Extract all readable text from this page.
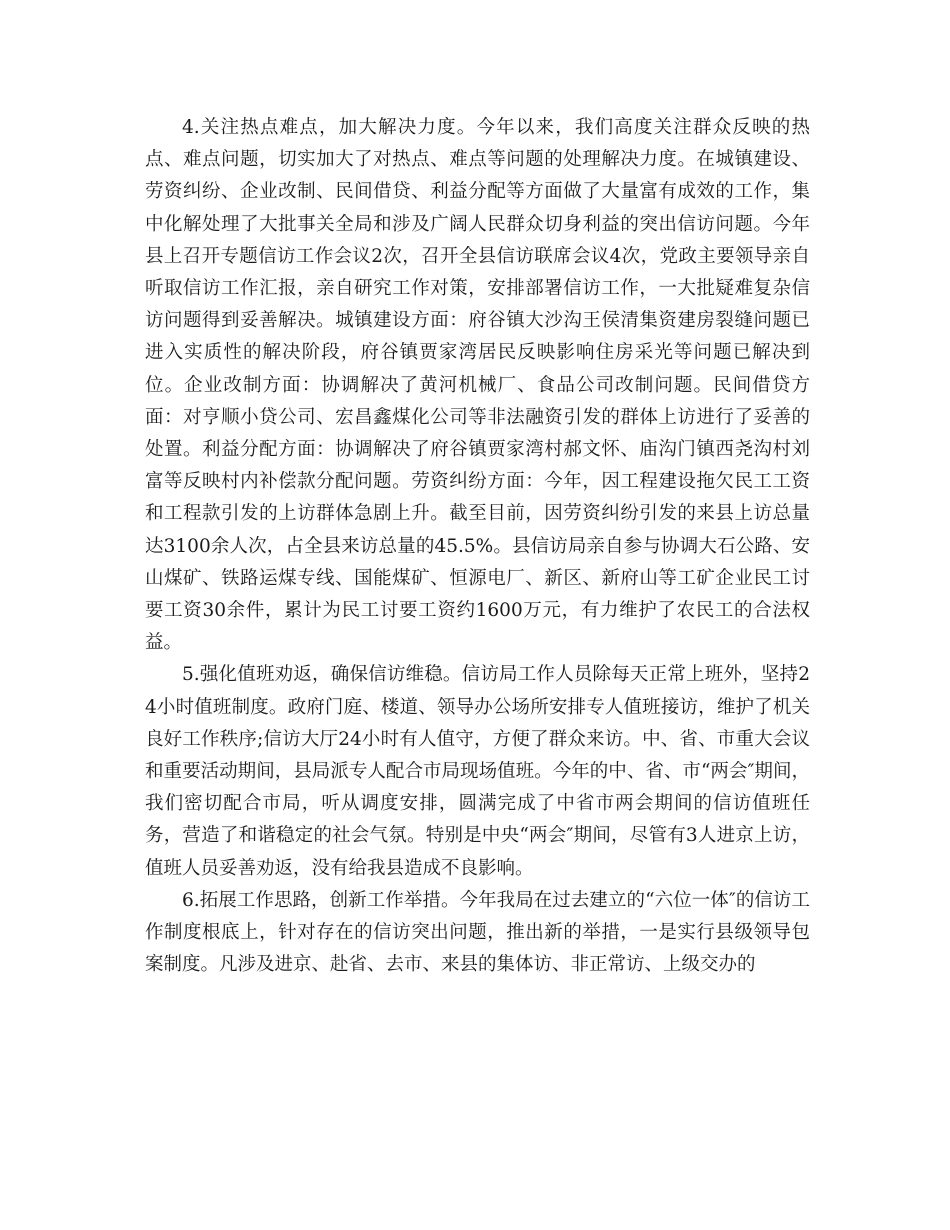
4.关注热点难点，加大解决力度。今年以来，我们高度关注群众反映的热点、难点问题，切实加大了对热点、难点等问题的处理解决力度。在城镇建设、劳资纠纷、企业改制、民间借贷、利益分配等方面做了大量富有成效的工作，集中化解处理了大批事关全局和涉及广阔人民群众切身利益的突出信访问题。今年县上召开专题信访工作会议2次，召开全县信访联席会议4次，党政主要领导亲自听取信访工作汇报，亲自研究工作对策，安排部署信访工作，一大批疑难复杂信访问题得到妥善解决。城镇建设方面：府谷镇大沙沟王侯清集资建房裂缝问题已进入实质性的解决阶段，府谷镇贾家湾居民反映影响住房采光等问题已解决到位。企业改制方面：协调解决了黄河机械厂、食品公司改制问题。民间借贷方面：对亨顺小贷公司、宏昌鑫煤化公司等非法融资引发的群体上访进行了妥善的处置。利益分配方面：协调解决了府谷镇贾家湾村郝文怀、庙沟门镇西尧沟村刘富等反映村内补偿款分配问题。劳资纠纷方面：今年，因工程建设拖欠民工工资和工程款引发的上访群体急剧上升。截至目前，因劳资纠纷引发的来县上访总量达3100余人次，占全县来访总量的45.5%。县信访局亲自参与协调大石公路、安山煤矿、铁路运煤专线、国能煤矿、恒源电厂、新区、新府山等工矿企业民工讨要工资30余件，累计为民工讨要工资约1600万元，有力维护了农民工的合法权益。

5.强化值班劝返，确保信访维稳。信访局工作人员除每天正常上班外，坚持24小时值班制度。政府门庭、楼道、领导办公场所安排专人值班接访，维护了机关良好工作秩序;信访大厅24小时有人值守，方便了群众来访。中、省、市重大会议和重要活动期间，县局派专人配合市局现场值班。今年的中、省、市“两会″期间，我们密切配合市局，听从调度安排，圆满完成了中省市两会期间的信访值班任务，营造了和谐稳定的社会气氛。特别是中央“两会″期间，尽管有3人进京上访，值班人员妥善劝返，没有给我县造成不良影响。

6.拓展工作思路，创新工作举措。今年我局在过去建立的“六位一体″的信访工作制度根底上，针对存在的信访突出问题，推出新的举措，一是实行县级领导包案制度。凡涉及进京、赴省、去市、来县的集体访、非正常访、上级交办的
